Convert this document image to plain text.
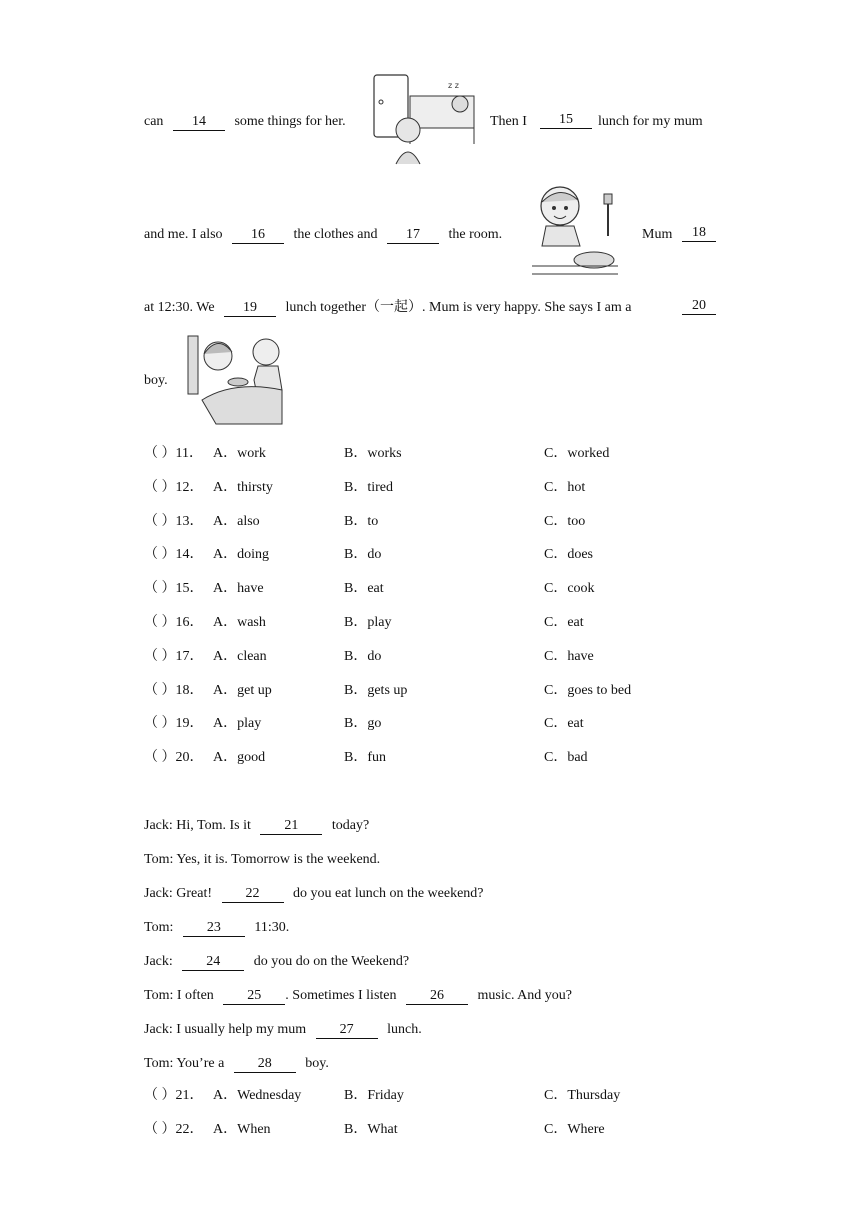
can 14 some things for her.	Then I	15	lunch for my mum
z z
and me. I also 16 the clothes and 17 the room.	Mum	18
at 12:30. We 19 lunch together（一起）. Mum is very happy. She says I am a	20
boy.
（ ）11． A．work	B．works	C．worked
（ ）12． A．thirsty	B．tired	C．hot
（ ）13． A．also	B．to	C．too
（ ）14． A．doing	B．do	C．does
（ ）15． A．have	B．eat	C．cook
（ ）16． A．wash	B．play	C．eat
（ ）17． A．clean	B．do	C．have
（ ）18． A．get up	B．gets up	C．goes to bed
（ ）19． A．play	B．go	C．eat
（ ）20． A．good	B．fun	C．bad
Jack: Hi, Tom. Is it 21 today?
Tom: Yes, it is. Tomorrow is the weekend.
Jack: Great! 22 do you eat lunch on the weekend?
Tom: 23 11:30.
Jack: 24 do you do on the Weekend?
Tom: I often 25 . Sometimes I listen 26 music. And you?
Jack: I usually help my mum 27 lunch.
Tom: You’re a 28 boy.
（ ）21． A．Wednesday	B．Friday	C．Thursday
（ ）22． A．When	B．What	C．Where
